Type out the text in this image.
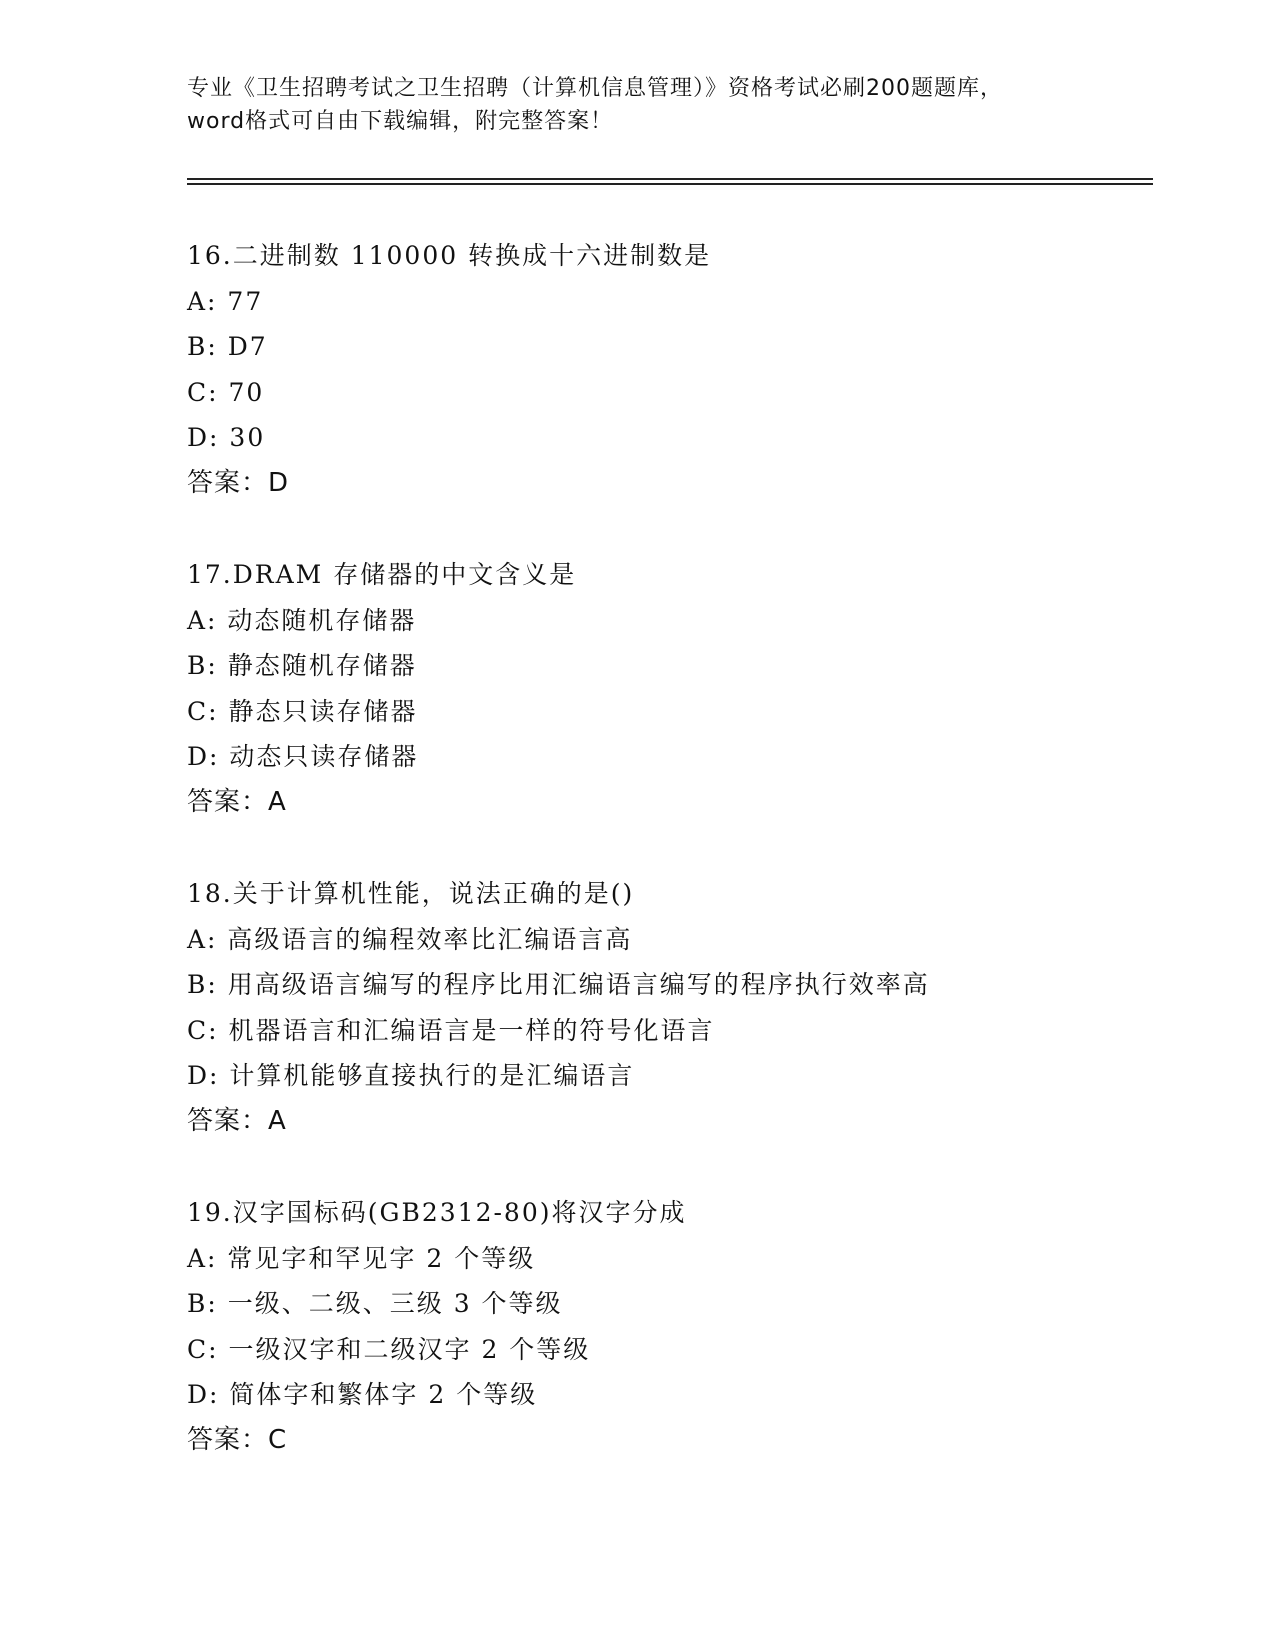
专业《卫生招聘考试之卫生招聘（计算机信息管理）》资格考试必刷200题题库，
word格式可自由下载编辑，附完整答案！
16.二进制数 110000 转换成十六进制数是
A: 77
B: D7
C: 70
D: 30
答案：D
17.DRAM 存储器的中文含义是
A: 动态随机存储器
B: 静态随机存储器
C: 静态只读存储器
D: 动态只读存储器
答案：A
18.关于计算机性能，说法正确的是()
A: 高级语言的编程效率比汇编语言高
B: 用高级语言编写的程序比用汇编语言编写的程序执行效率高
C: 机器语言和汇编语言是一样的符号化语言
D: 计算机能够直接执行的是汇编语言
答案：A
19.汉字国标码(GB2312-80)将汉字分成
A: 常见字和罕见字 2 个等级
B: 一级、二级、三级 3 个等级
C: 一级汉字和二级汉字 2 个等级
D: 简体字和繁体字 2 个等级
答案：C
